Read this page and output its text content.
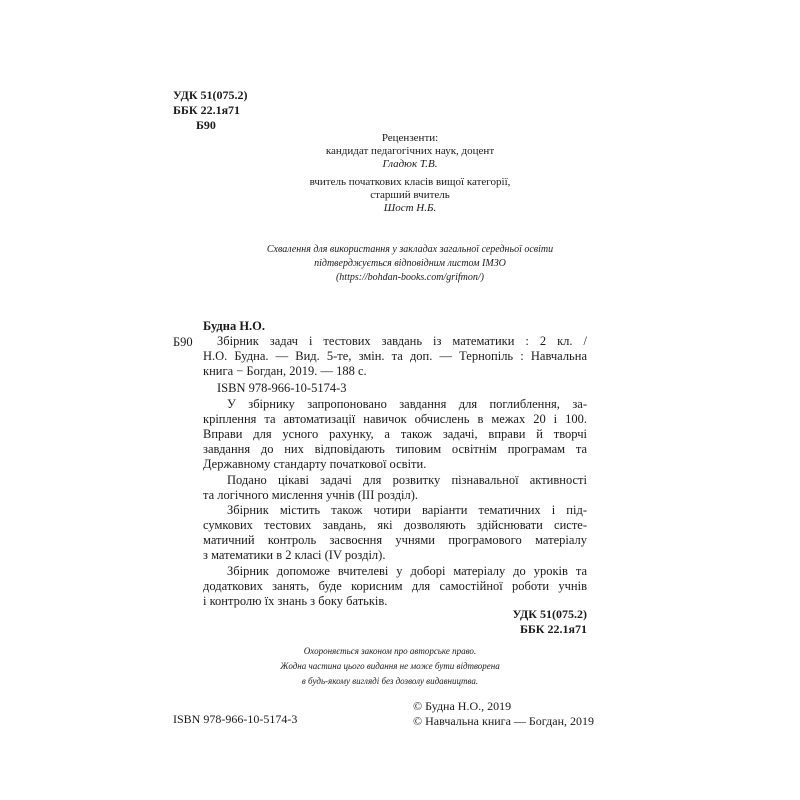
УДК 51(075.2)
ББК 22.1я71
Б90
Рецензенти:
кандидат педагогічних наук, доцент
Гладюк Т.В.
вчитель початкових класів вищої категорії,
старший вчитель
Шост Н.Б.
Схвалення для використання у закладах загальної середньої освіти
підтверджується відповідним листом ІМЗО
(https://bohdan-books.com/grifmon/)
Будна Н.О.
Б90 Збірник задач і тестових завдань із математики : 2 кл. /
Н.О. Будна. — Вид. 5-те, змін. та доп. — Тернопіль : Навчальна
книга − Богдан, 2019. — 188 с.
ISBN 978-966-10-5174-3
У збірнику запропоновано завдання для поглиблення, за-
кріплення та автоматизації навичок обчислень в межах 20 і 100.
Вправи для усного рахунку, а також задачі, вправи й творчі
завдання до них відповідають типовим освітнім програмам та
Державному стандарту початкової освіти.
Подано цікаві задачі для розвитку пізнавальної активності
та логічного мислення учнів (ІІІ розділ).
Збірник містить також чотири варіанти тематичних і під-
сумкових тестових завдань, які дозволяють здійснювати систе-
матичний контроль засвоєння учнями програмового матеріалу
з математики в 2 класі (IV розділ).
Збірник допоможе вчителеві у доборі матеріалу до уроків та
додаткових занять, буде корисним для самостійної роботи учнів
і контролю їх знань з боку батьків.
УДК 51(075.2)
ББК 22.1я71
Охороняється законом про авторське право.
Жодна частина цього видання не може бути відтворена
в будь-якому вигляді без дозволу видавництва.
ISBN 978-966-10-5174-3
© Будна Н.О., 2019
© Навчальна книга — Богдан, 2019
